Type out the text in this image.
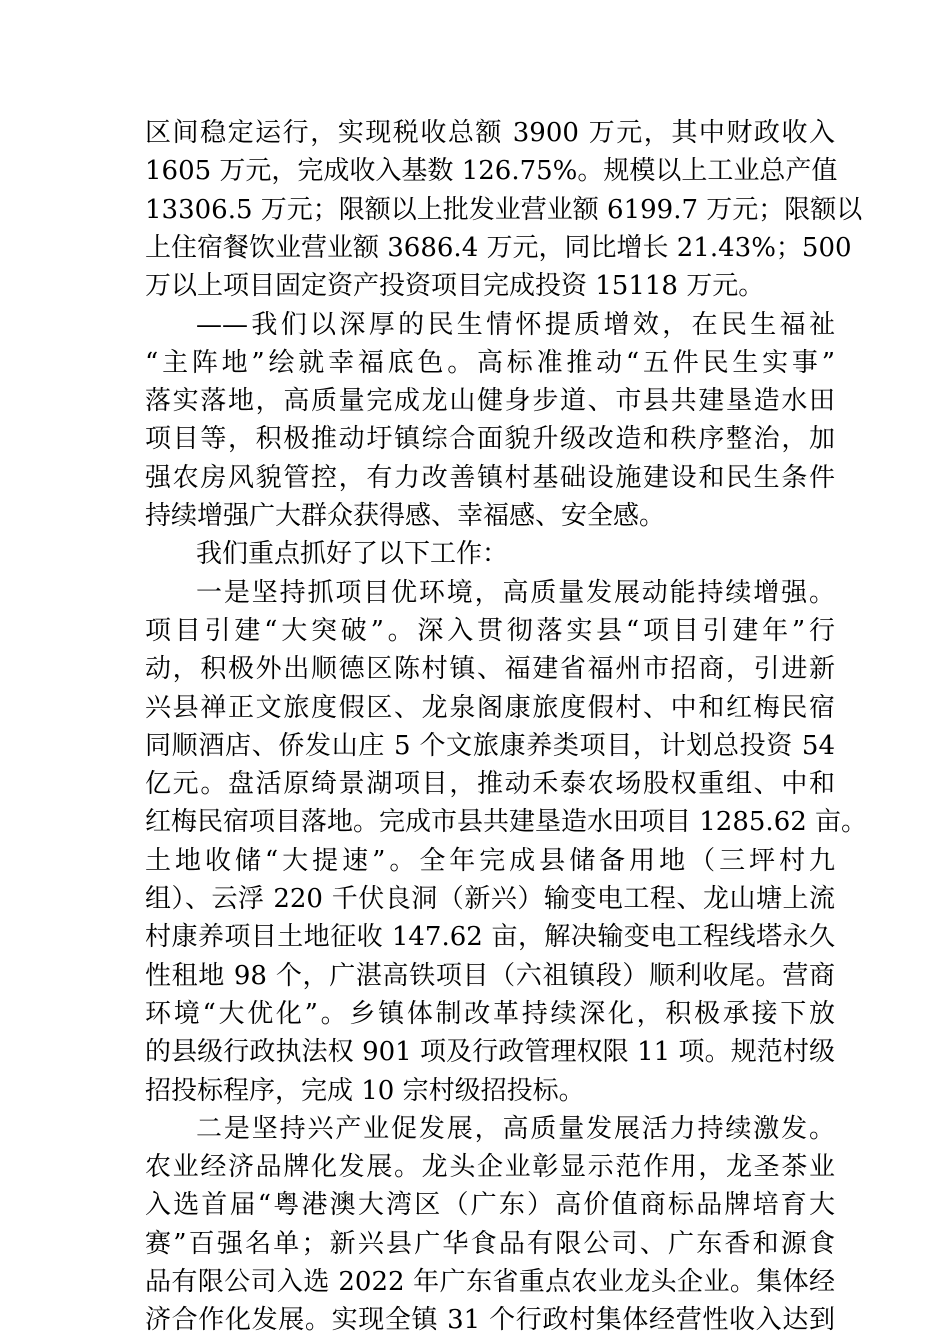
区间稳定运行，实现税收总额 3900 万元，其中财政收入
1605 万元，完成收入基数 126.75%。规模以上工业总产值
13306.5 万元；限额以上批发业营业额 6199.7 万元；限额以
上住宿餐饮业营业额 3686.4 万元，同比增长 21.43%；500
万以上项目固定资产投资项目完成投资 15118 万元。
——我们以深厚的民生情怀提质增效，在民生福祉
“主阵地”绘就幸福底色。高标准推动“五件民生实事”
落实落地，高质量完成龙山健身步道、市县共建垦造水田
项目等，积极推动圩镇综合面貌升级改造和秩序整治，加
强农房风貌管控，有力改善镇村基础设施建设和民生条件
持续增强广大群众获得感、幸福感、安全感。
我们重点抓好了以下工作：
一是坚持抓项目优环境，高质量发展动能持续增强。
项目引建“大突破”。深入贯彻落实县“项目引建年”行
动，积极外出顺德区陈村镇、福建省福州市招商，引进新
兴县禅正文旅度假区、龙泉阁康旅度假村、中和红梅民宿
同顺酒店、侨发山庄 5 个文旅康养类项目，计划总投资 54
亿元。盘活原绮景湖项目，推动禾泰农场股权重组、中和
红梅民宿项目落地。完成市县共建垦造水田项目 1285.62 亩。
土地收储“大提速”。全年完成县储备用地（三坪村九
组）、云浮 220 千伏良洞（新兴）输变电工程、龙山塘上流
村康养项目土地征收 147.62 亩，解决输变电工程线塔永久
性租地 98 个，广湛高铁项目（六祖镇段）顺利收尾。营商
环境“大优化”。乡镇体制改革持续深化，积极承接下放
的县级行政执法权 901 项及行政管理权限 11 项。规范村级
招投标程序，完成 10 宗村级招投标。
二是坚持兴产业促发展，高质量发展活力持续激发。
农业经济品牌化发展。龙头企业彰显示范作用，龙圣茶业
入选首届“粤港澳大湾区（广东）高价值商标品牌培育大
赛”百强名单；新兴县广华食品有限公司、广东香和源食
品有限公司入选 2022 年广东省重点农业龙头企业。集体经
济合作化发展。实现全镇 31 个行政村集体经营性收入达到
